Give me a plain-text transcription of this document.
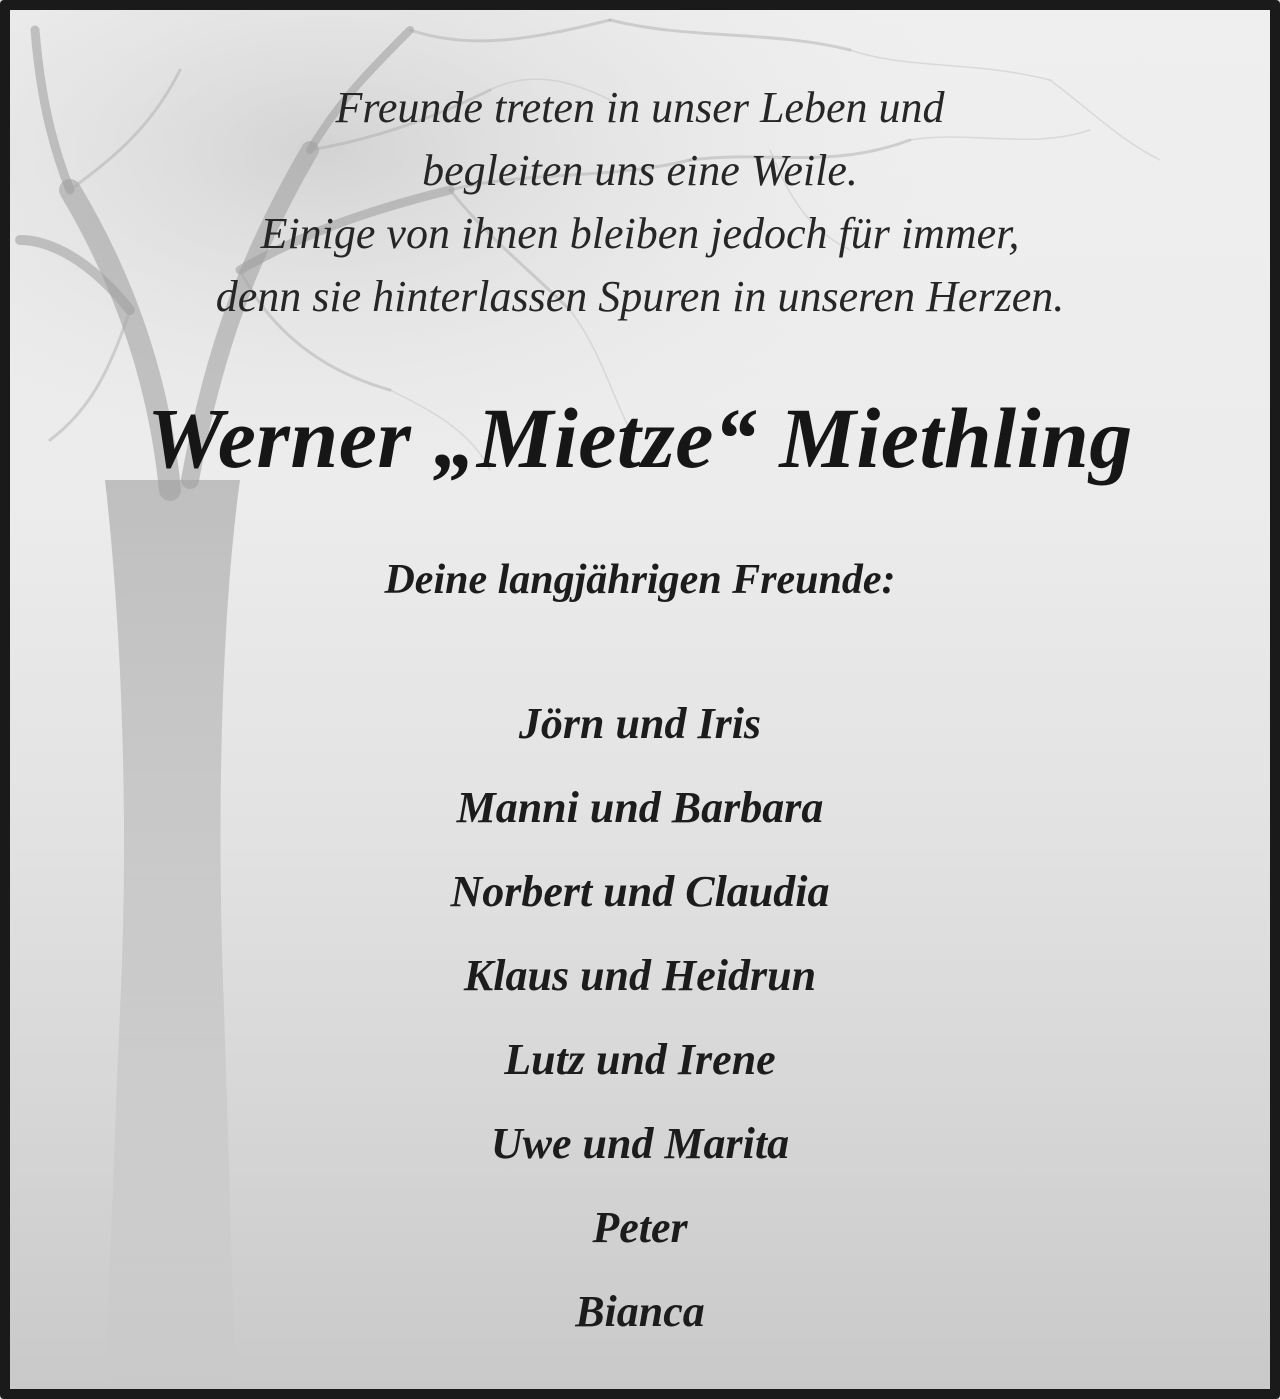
Freunde treten in unser Leben und
begleiten uns eine Weile.
Einige von ihnen bleiben jedoch für immer,
denn sie hinterlassen Spuren in unseren Herzen.
Werner „Mietze“ Miethling
Deine langjährigen Freunde:
Jörn und Iris
Manni und Barbara
Norbert und Claudia
Klaus und Heidrun
Lutz und Irene
Uwe und Marita
Peter
Bianca
